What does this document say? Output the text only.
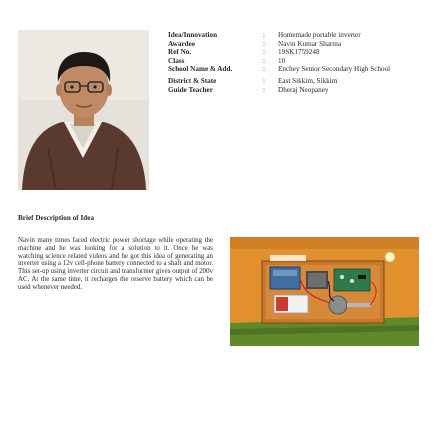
Idea/Innovation	:	Homemade portable inverter
Awardee	:	Navin Kumar Sharma
Ref No.	:	19SK1759248
Class	:	10
School Name & Add.	:	Enchey Senior Secondary High School
District & State	:	East Sikkim, Sikkim
Guide Teacher	:	Dheraj Neopaney
Brief Description of Idea

Navin many times faced electric power shortage while operating the machine and he was looking for a solution to it. Once he was watching science related videos and he got this idea of generating an inverter using a 12v cell-phone battery connected to a shaft and motor. This set-up using inverter circuit and transformer gives output of 200v AC. At the same time, it recharges the reserve battery which can be used whenever needed.
